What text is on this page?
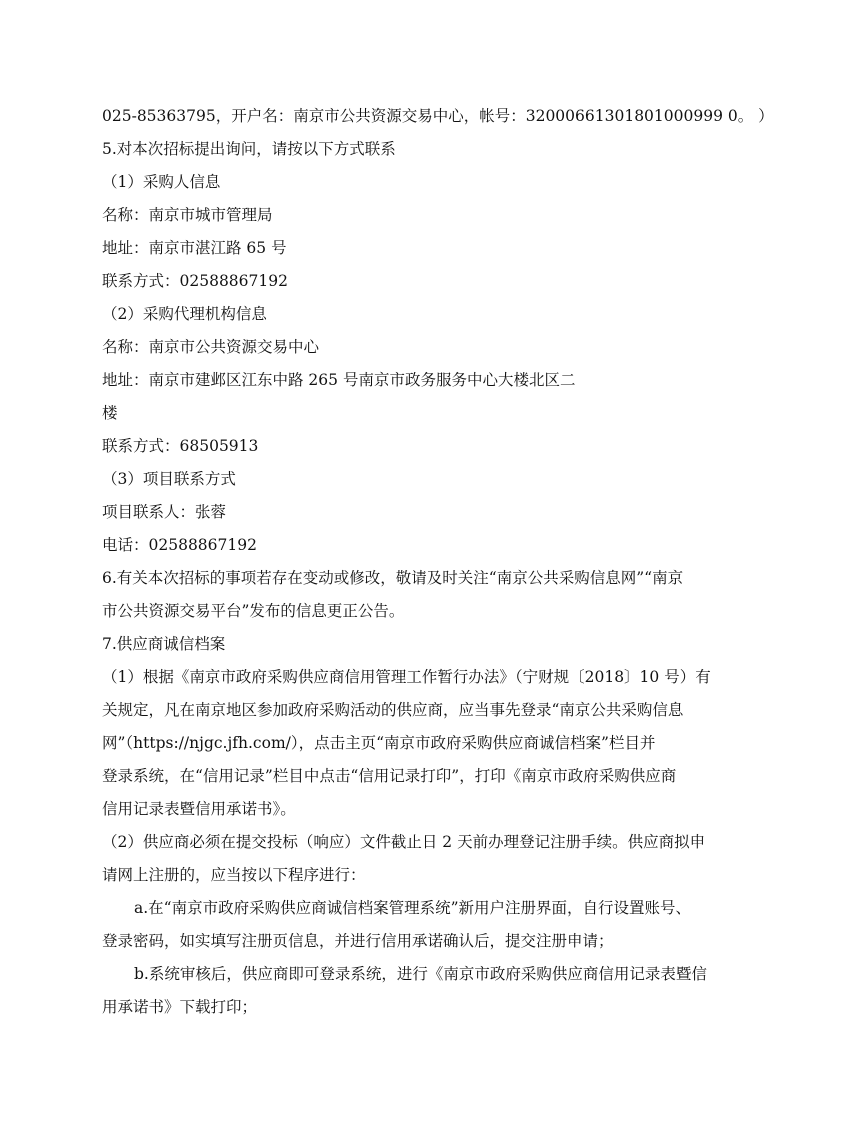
025-85363795，开户名：南京市公共资源交易中心，帐号：32000661301801000999 0。 ）
5.对本次招标提出询问，请按以下方式联系
（1）采购人信息
名称：南京市城市管理局
地址：南京市湛江路 65 号
联系方式：02588867192
（2）采购代理机构信息
名称：南京市公共资源交易中心
地址：南京市建邺区江东中路 265 号南京市政务服务中心大楼北区二
楼
联系方式：68505913
（3）项目联系方式
项目联系人：张蓉
电话：02588867192
6.有关本次招标的事项若存在变动或修改，敬请及时关注“南京公共采购信息网”“南京
市公共资源交易平台”发布的信息更正公告。
7.供应商诚信档案
（1）根据《南京市政府采购供应商信用管理工作暂行办法》（宁财规〔2018〕10 号）有
关规定，凡在南京地区参加政府采购活动的供应商，应当事先登录“南京公共采购信息
网”（https://njgc.jfh.com/），点击主页“南京市政府采购供应商诚信档案”栏目并
登录系统，在“信用记录”栏目中点击“信用记录打印”，打印《南京市政府采购供应商
信用记录表暨信用承诺书》。
（2）供应商必须在提交投标（响应）文件截止日 2 天前办理登记注册手续。供应商拟申
请网上注册的，应当按以下程序进行：
a.在“南京市政府采购供应商诚信档案管理系统”新用户注册界面，自行设置账号、
登录密码，如实填写注册页信息，并进行信用承诺确认后，提交注册申请；
b.系统审核后，供应商即可登录系统，进行《南京市政府采购供应商信用记录表暨信
用承诺书》下载打印；
